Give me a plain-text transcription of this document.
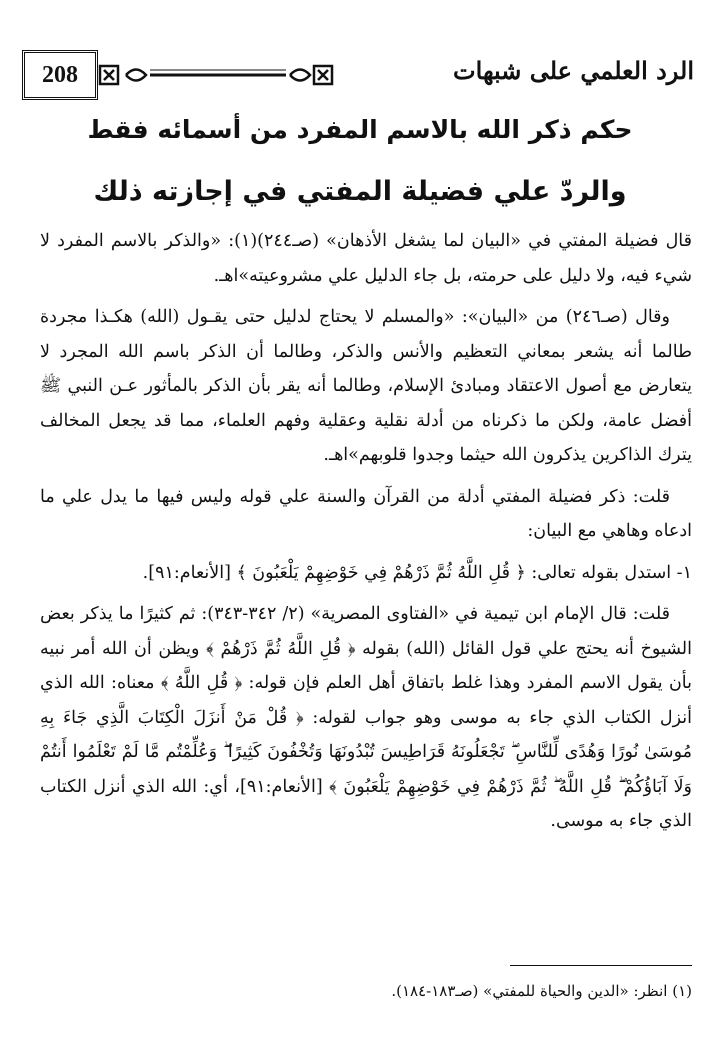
208	الرد العلمي على شبهات

حكم ذكر الله بالاسم المفرد من أسمائه فقط

والردّ علي فضيلة المفتي في إجازته ذلك

قال فضيلة المفتي في «البيان لما يشغل الأذهان» (صـ٢٤٤)(١): «والذكر بالاسم المفرد لا شيء فيه، ولا دليل على حرمته، بل جاء الدليل علي مشروعيته»اهـ.

وقال (صـ٢٤٦) من «البيان»: «والمسلم لا يحتاج لدليل حتى يقـول (الله) هكـذا مجردة طالما أنه يشعر بمعاني التعظيم والأنس والذكر، وطالما أن الذكر باسم الله المجرد لا يتعارض مع أصول الاعتقاد ومبادئ الإسلام، وطالما أنه يقر بأن الذكر بالمأثور عـن النبي ﷺ أفضل عامة، ولكن ما ذكرناه من أدلة نقلية وعقلية وفهم العلماء، مما قد يجعل المخالف يترك الذاكرين يذكرون الله حيثما وجدوا قلوبهم»اهـ.

قلت: ذكر فضيلة المفتي أدلة من القرآن والسنة علي قوله وليس فيها ما يدل علي ما ادعاه وهاهي مع البيان:

١- استدل بقوله تعالى: ﴿ قُلِ اللَّهُ ثُمَّ ذَرْهُمْ فِي خَوْضِهِمْ يَلْعَبُونَ ﴾ [الأنعام:٩١].

قلت: قال الإمام ابن تيمية في «الفتاوى المصرية» (٢/ ٣٤٢-٣٤٣): ثم كثيرًا ما يذكر بعض الشيوخ أنه يحتج علي قول القائل (الله) بقوله ﴿ قُلِ اللَّهُ ثُمَّ ذَرْهُمْ ﴾ ويظن أن الله أمر نبيه بأن يقول الاسم المفرد وهذا غلط باتفاق أهل العلم فإن قوله: ﴿ قُلِ اللَّهُ ﴾ معناه: الله الذي أنزل الكتاب الذي جاء به موسى وهو جواب لقوله: ﴿ قُلْ مَنْ أَنزَلَ الْكِتَابَ الَّذِي جَاءَ بِهِ مُوسَىٰ نُورًا وَهُدًى لِّلنَّاسِ ۖ تَجْعَلُونَهُ قَرَاطِيسَ تُبْدُونَهَا وَتُخْفُونَ كَثِيرًا ۖ وَعُلِّمْتُم مَّا لَمْ تَعْلَمُوا أَنتُمْ وَلَا آبَاؤُكُمْ ۖ قُلِ اللَّهُ ۖ ثُمَّ ذَرْهُمْ فِي خَوْضِهِمْ يَلْعَبُونَ ﴾ [الأنعام:٩١]، أي: الله الذي أنزل الكتاب الذي جاء به موسى.

(١) انظر: «الدين والحياة للمفتي» (صـ١٨٣-١٨٤).
